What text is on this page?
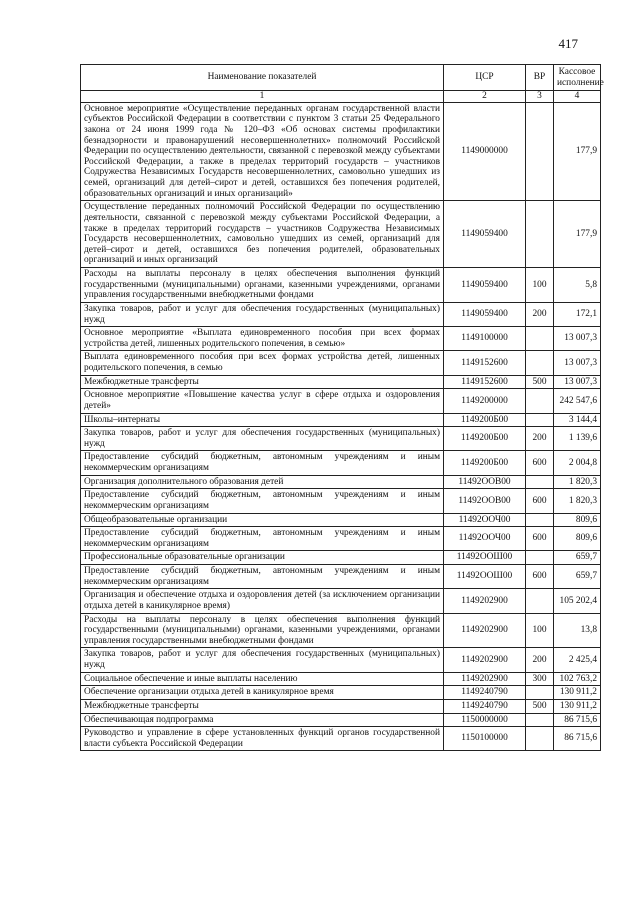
417
Наименование показателей	ЦСР	ВР	Кассовое исполнение
1	2	3	4
Основное мероприятие «Осуществление переданных органам государственной власти субъектов Российской Федерации в соответствии с пунктом 3 статьи 25 Федерального закона от 24 июня 1999 года № 120–ФЗ «Об основах системы профилактики безнадзорности и правонарушений несовершеннолетних» полномочий Российской Федерации по осуществлению деятельности, связанной с перевозкой между субъектами Российской Федерации, а также в пределах территорий государств – участников Содружества Независимых Государств несовершеннолетних, самовольно ушедших из семей, организаций для детей–сирот и детей, оставшихся без попечения родителей, образовательных организаций и иных организаций»	1149000000		177,9
Осуществление переданных полномочий Российской Федерации по осуществлению деятельности, связанной с перевозкой между субъектами Российской Федерации, а также в пределах территорий государств – участников Содружества Независимых Государств несовершеннолетних, самовольно ушедших из семей, организаций для детей–сирот и детей, оставшихся без попечения родителей, образовательных организаций и иных организаций	1149059400		177,9
Расходы на выплаты персоналу в целях обеспечения выполнения функций государственными (муниципальными) органами, казенными учреждениями, органами управления государственными внебюджетными фондами	1149059400	100	5,8
Закупка товаров, работ и услуг для обеспечения государственных (муниципальных) нужд	1149059400	200	172,1
Основное мероприятие «Выплата единовременного пособия при всех формах устройства детей, лишенных родительского попечения, в семью»	1149100000		13 007,3
Выплата единовременного пособия при всех формах устройства детей, лишенных родительского попечения, в семью	1149152600		13 007,3
Межбюджетные трансферты	1149152600	500	13 007,3
Основное мероприятие «Повышение качества услуг в сфере отдыха и оздоровления детей»	1149200000		242 547,6
Школы–интернаты	1149200Б00		3 144,4
Закупка товаров, работ и услуг для обеспечения государственных (муниципальных) нужд	1149200Б00	200	1 139,6
Предоставление субсидий бюджетным, автономным учреждениям и иным некоммерческим организациям	1149200Б00	600	2 004,8
Организация дополнительного образования детей	11492ООВ00		1 820,3
Предоставление субсидий бюджетным, автономным учреждениям и иным некоммерческим организациям	11492ООВ00	600	1 820,3
Общеобразовательные организации	11492ООЧ00		809,6
Предоставление субсидий бюджетным, автономным учреждениям и иным некоммерческим организациям	11492ООЧ00	600	809,6
Профессиональные образовательные организации	11492ООШ00		659,7
Предоставление субсидий бюджетным, автономным учреждениям и иным некоммерческим организациям	11492ООШ00	600	659,7
Организация и обеспечение отдыха и оздоровления детей (за исключением организации отдыха детей в каникулярное время)	1149202900		105 202,4
Расходы на выплаты персоналу в целях обеспечения выполнения функций государственными (муниципальными) органами, казенными учреждениями, органами управления государственными внебюджетными фондами	1149202900	100	13,8
Закупка товаров, работ и услуг для обеспечения государственных (муниципальных) нужд	1149202900	200	2 425,4
Социальное обеспечение и иные выплаты населению	1149202900	300	102 763,2
Обеспечение организации отдыха детей в каникулярное время	1149240790		130 911,2
Межбюджетные трансферты	1149240790	500	130 911,2
Обеспечивающая подпрограмма	1150000000		86 715,6
Руководство и управление в сфере установленных функций органов государственной власти субъекта Российской Федерации	1150100000		86 715,6
